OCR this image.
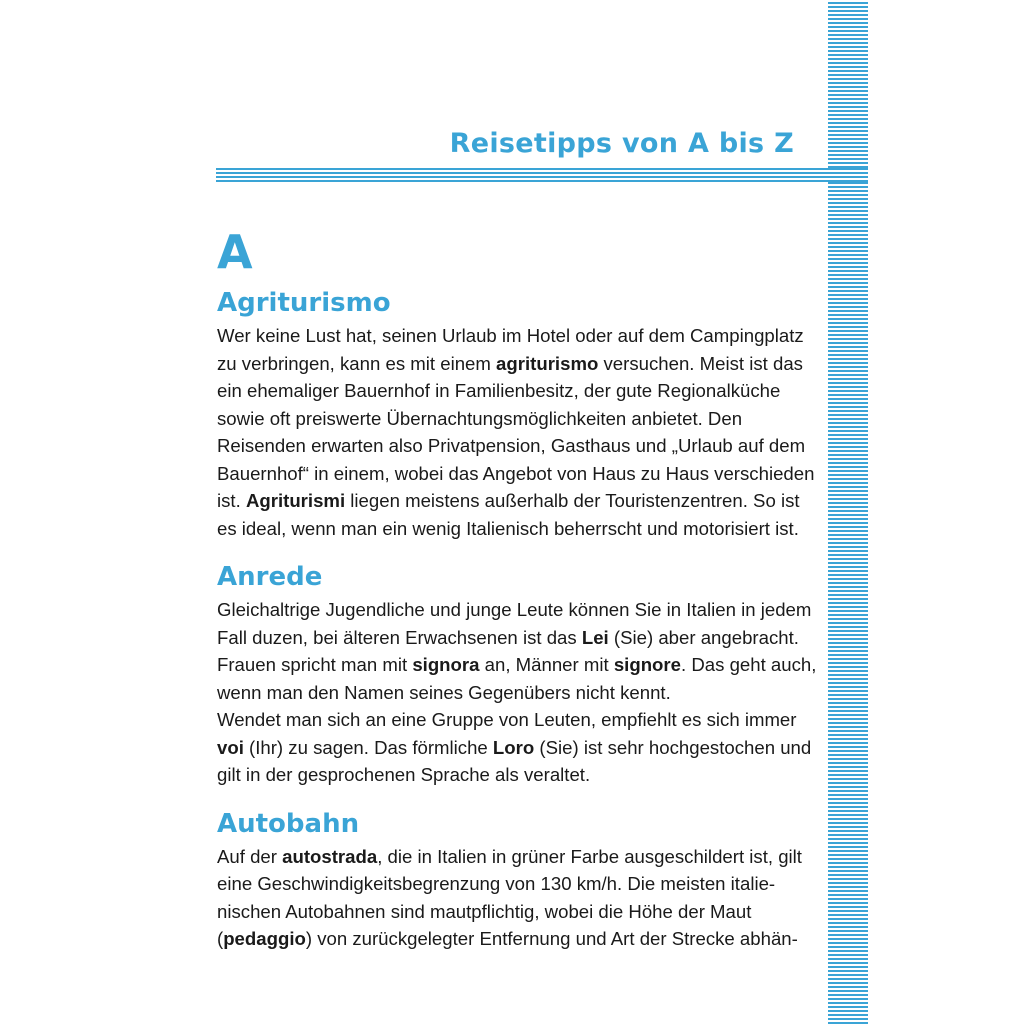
Reisetipps von A bis Z
A
Agriturismo

Wer keine Lust hat, seinen Urlaub im Hotel oder auf dem Campingplatz zu verbringen, kann es mit einem agriturismo versuchen. Meist ist das ein ehemaliger Bauernhof in Familienbesitz, der gute Regionalküche sowie oft preiswerte Übernachtungsmöglichkeiten anbietet. Den Reisenden erwarten also Privatpension, Gasthaus und „Urlaub auf dem Bauernhof“ in einem, wobei das Angebot von Haus zu Haus verschieden ist. Agriturismi liegen meistens außerhalb der Touristenzentren. So ist es ideal, wenn man ein wenig Italienisch beherrscht und motorisiert ist.

Anrede

Gleichaltrige Jugendliche und junge Leute können Sie in Italien in jedem Fall duzen, bei älteren Erwachsenen ist das Lei (Sie) aber angebracht. Frauen spricht man mit signora an, Männer mit signore. Das geht auch, wenn man den Namen seines Gegenübers nicht kennt.

Wendet man sich an eine Gruppe von Leuten, empfiehlt es sich immer voi (Ihr) zu sagen. Das förmliche Loro (Sie) ist sehr hochgestochen und gilt in der gesprochenen Sprache als veraltet.

Autobahn

Auf der autostrada, die in Italien in grüner Farbe ausgeschildert ist, gilt eine Geschwindigkeitsbegrenzung von 130 km/h. Die meisten italienischen Autobahnen sind mautpflichtig, wobei die Höhe der Maut (pedaggio) von zurückgelegter Entfernung und Art der Strecke abhän-
